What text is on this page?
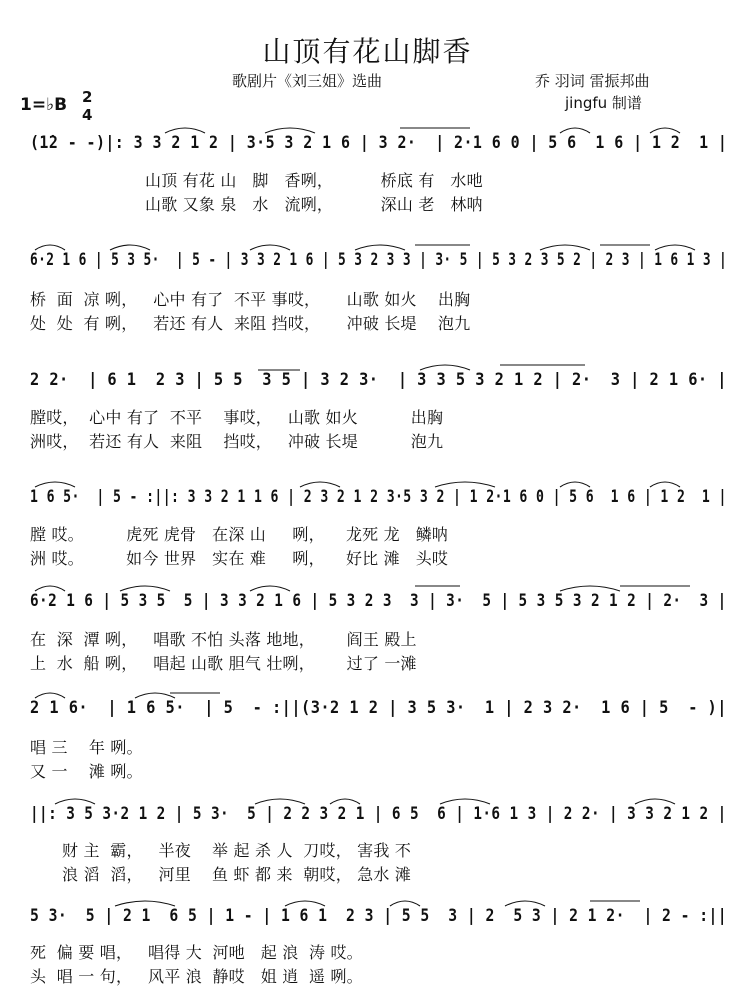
山顶有花山脚香
歌剧片《刘三姐》选曲	乔 羽词 雷振邦曲
jingfu 制谱
1=♭B 2
4
(1̇2 - -)|: 3 3 2 1 2 | 3·5 3 2 1 6 | 3 2·  | 2·1 6 0 | 5 6  1 6 | 1 2  1 |
山顶 有花 山   脚   香咧，         桥底 有   水吔
山歌 又象 泉   水   流咧，         深山 老   林呐
6·2 1 6 | 5 3 5·  | 5 - | 3 3 2 1 6 | 5 3 2 3 3 | 3· 5 | 5 3 2 3 5 2 | 2 3 | 1 6 1 3 |
桥  面  凉 咧，   心中 有了  不平 事哎，     山歌 如火    出胸
处  处  有 咧，   若还 有人  来阻 挡哎，     冲破 长堤    泡九
2 2·  | 6 1  2 3 | 5 5  3 5 | 3 2 3·  | 3 3 5 3 2 1 2 | 2·  3 | 2 1 6· |
膛哎，  心中 有了  不平    事哎，   山歌 如火          出胸
洲哎，  若还 有人  来阻    挡哎，   冲破 长堤          泡九
1 6 5·  | 5 - :||: 3 3 2 1 1 6 | 2 3 2 1 2 3·5 3 2 | 1 2·1 6 0 | 5 6  1 6 | 1 2  1 |
膛 哎。        虎死 虎骨   在深 山     咧，    龙死 龙   鳞呐
洲 哎。        如今 世界   实在 难     咧，    好比 滩   头哎
6·2 1 6 | 5 3 5  5 | 3 3 2 1 6 | 5 3 2 3  3 | 3·  5 | 5 3 5 3 2 1 2 | 2·  3 |
在  深  潭 咧，   唱歌 不怕 头落 地地，      阎王 殿上
上  水  船 咧，   唱起 山歌 胆气 壮咧，      过了 一滩
2 1 6·  | 1 6 5·  | 5  - :||(3·2 1 2 | 3 5 3·  1 | 2 3 2·  1 6 | 5  - )|
唱 三    年 咧。
又 一    滩 咧。
||: 3 5 3·2 1 2 | 5 3·  5 | 2 2 3 2 1 | 6 5  6 | 1·6 1 3 | 2 2· | 3 3 2 1 2 |
财 主  霸，   半夜    举 起 杀 人  刀哎， 害我 不
浪 滔  滔，   河里    鱼 虾 都 来  朝哎， 急水 滩
5 3·  5 | 2 1  6 5 | 1 - | 1 6 1  2 3 | 5 5  3 | 2  5 3 | 2 1 2·  | 2 - :||
死  偏 要 唱，   唱得 大  河吔   起 浪  涛 哎。
头  唱 一 句，   风平 浪  静哎   姐 逍  遥 咧。
